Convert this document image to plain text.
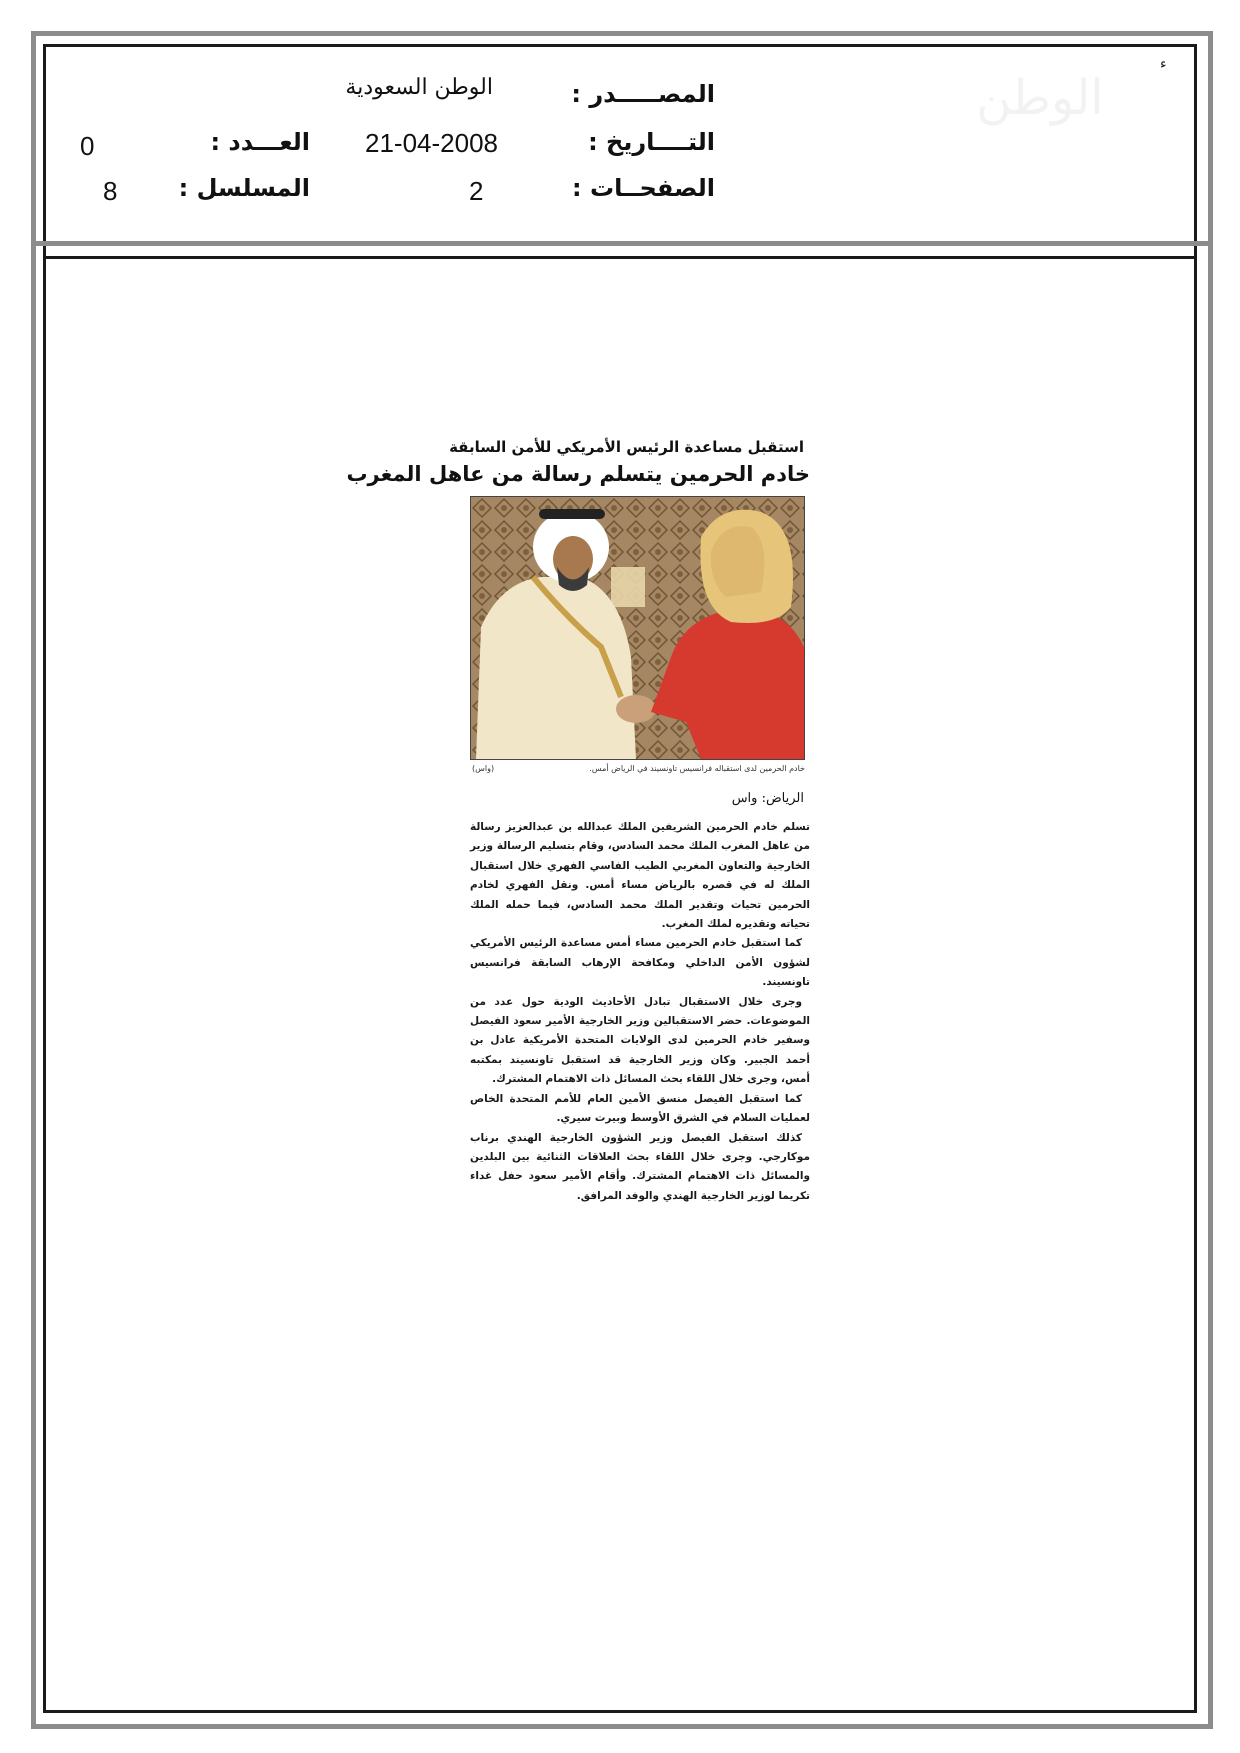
الوطن
ء
المصـــــدر :
الوطن السعودية
التــــاريخ :
21-04-2008
الصفحــات :
2
العـــدد :
0
المسلسل :
8
استقبل مساعدة الرئيس الأمريكي للأمن السابقة
خادم الحرمين يتسلم رسالة من عاهل المغرب
خادم الحرمين لدى استقباله فرانسيس تاونسيند في الرياض أمس.
(واس)
الرياض: واس

تسلم خادم الحرمين الشريفين الملك عبدالله بن عبدالعزيز رسالة من عاهل المغرب الملك محمد السادس، وقام بتسليم الرسالة وزير الخارجية والتعاون المغربي الطيب الفاسي الفهري خلال استقبال الملك له في قصره بالرياض مساء أمس. ونقل الفهري لخادم الحرمين تحيات وتقدير الملك محمد السادس، فيما حمله الملك تحياته وتقديره لملك المغرب.

كما استقبل خادم الحرمين مساء أمس مساعدة الرئيس الأمريكي لشؤون الأمن الداخلي ومكافحة الإرهاب السابقة فرانسيس تاونسيند.

وجرى خلال الاستقبال تبادل الأحاديث الودية حول عدد من الموضوعات. حضر الاستقبالين وزير الخارجية الأمير سعود الفيصل وسفير خادم الحرمين لدى الولايات المتحدة الأمريكية عادل بن أحمد الجبير. وكان وزير الخارجية قد استقبل تاونسيند بمكتبه أمس، وجرى خلال اللقاء بحث المسائل ذات الاهتمام المشترك.

كما استقبل الفيصل منسق الأمين العام للأمم المتحدة الخاص لعمليات السلام في الشرق الأوسط وبيرت سيري.

كذلك استقبل الفيصل وزير الشؤون الخارجية الهندي برناب موكارجي. وجرى خلال اللقاء بحث العلاقات الثنائية بين البلدين والمسائل ذات الاهتمام المشترك. وأقام الأمير سعود حفل غداء تكريما لوزير الخارجية الهندي والوفد المرافق.
